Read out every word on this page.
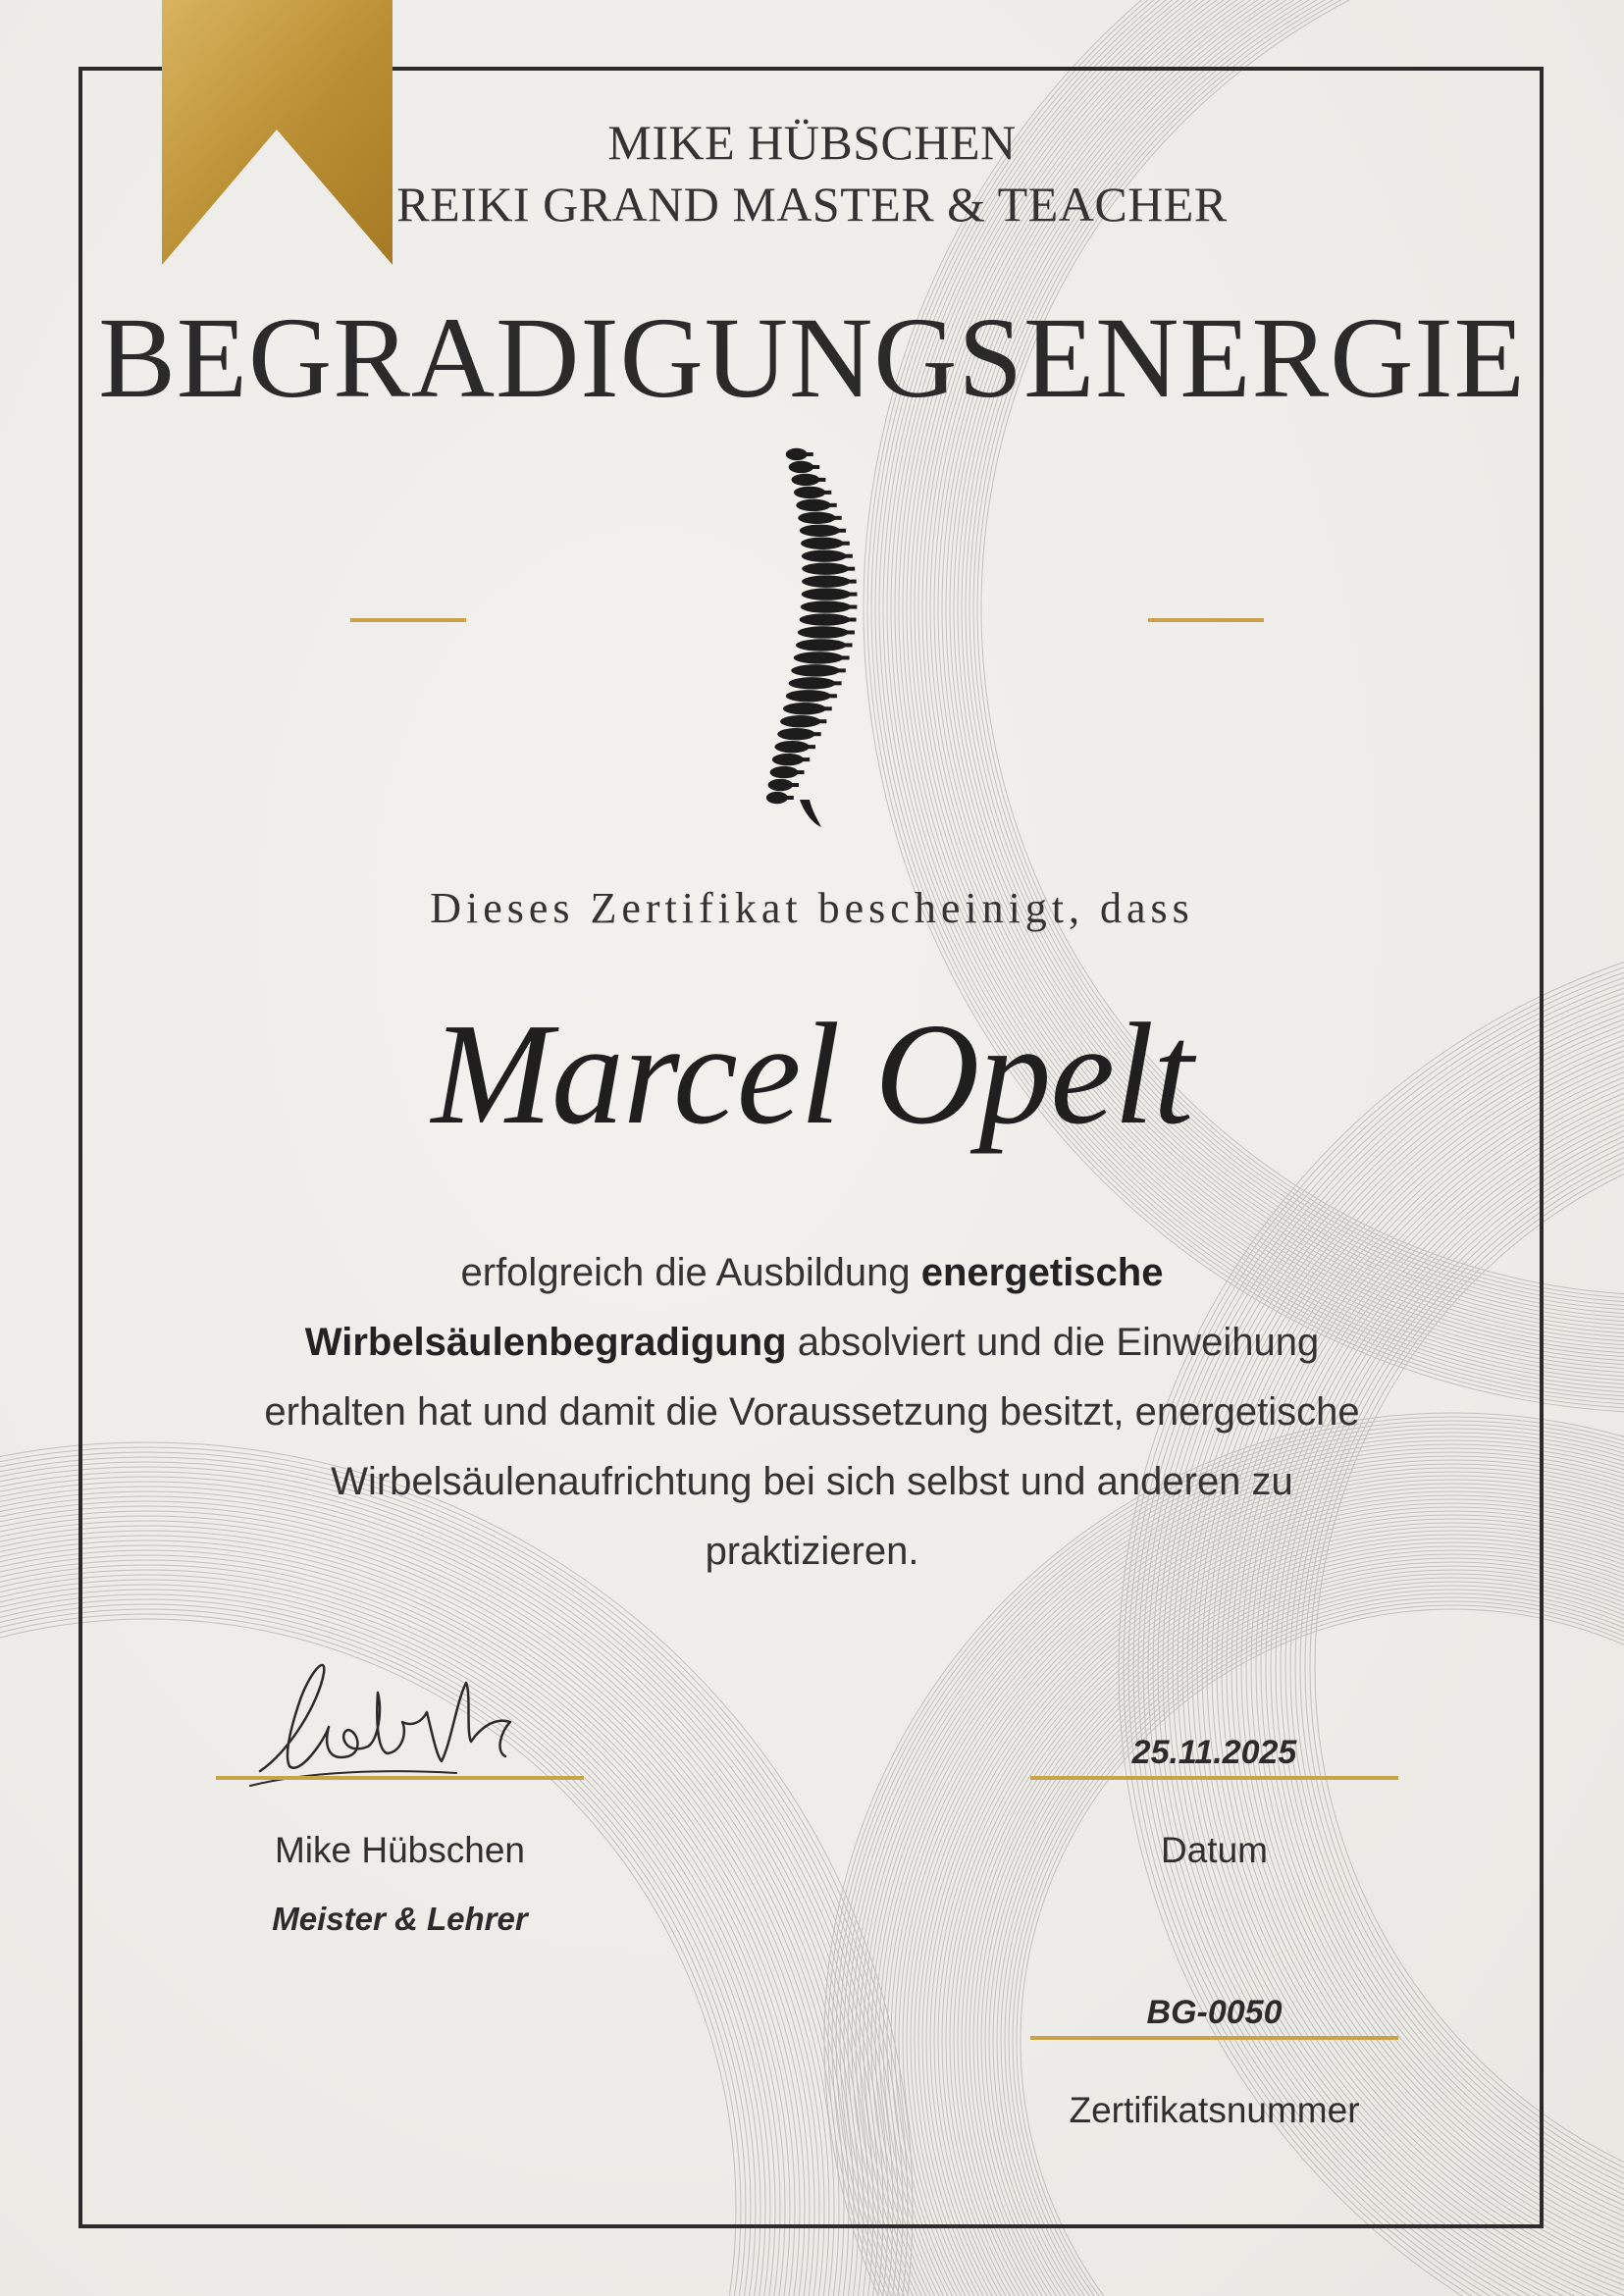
MIKE HÜBSCHEN
REIKI GRAND MASTER & TEACHER
BEGRADIGUNGSENERGIE
Dieses Zertifikat bescheinigt, dass
Marcel Opelt
erfolgreich die Ausbildung energetische Wirbelsäulenbegradigung absolviert und die Einweihung erhalten hat und damit die Voraussetzung besitzt, energetische Wirbelsäulenaufrichtung bei sich selbst und anderen zu praktizieren.
Mike Hübschen
Meister & Lehrer
25.11.2025
Datum
BG-0050
Zertifikatsnummer
